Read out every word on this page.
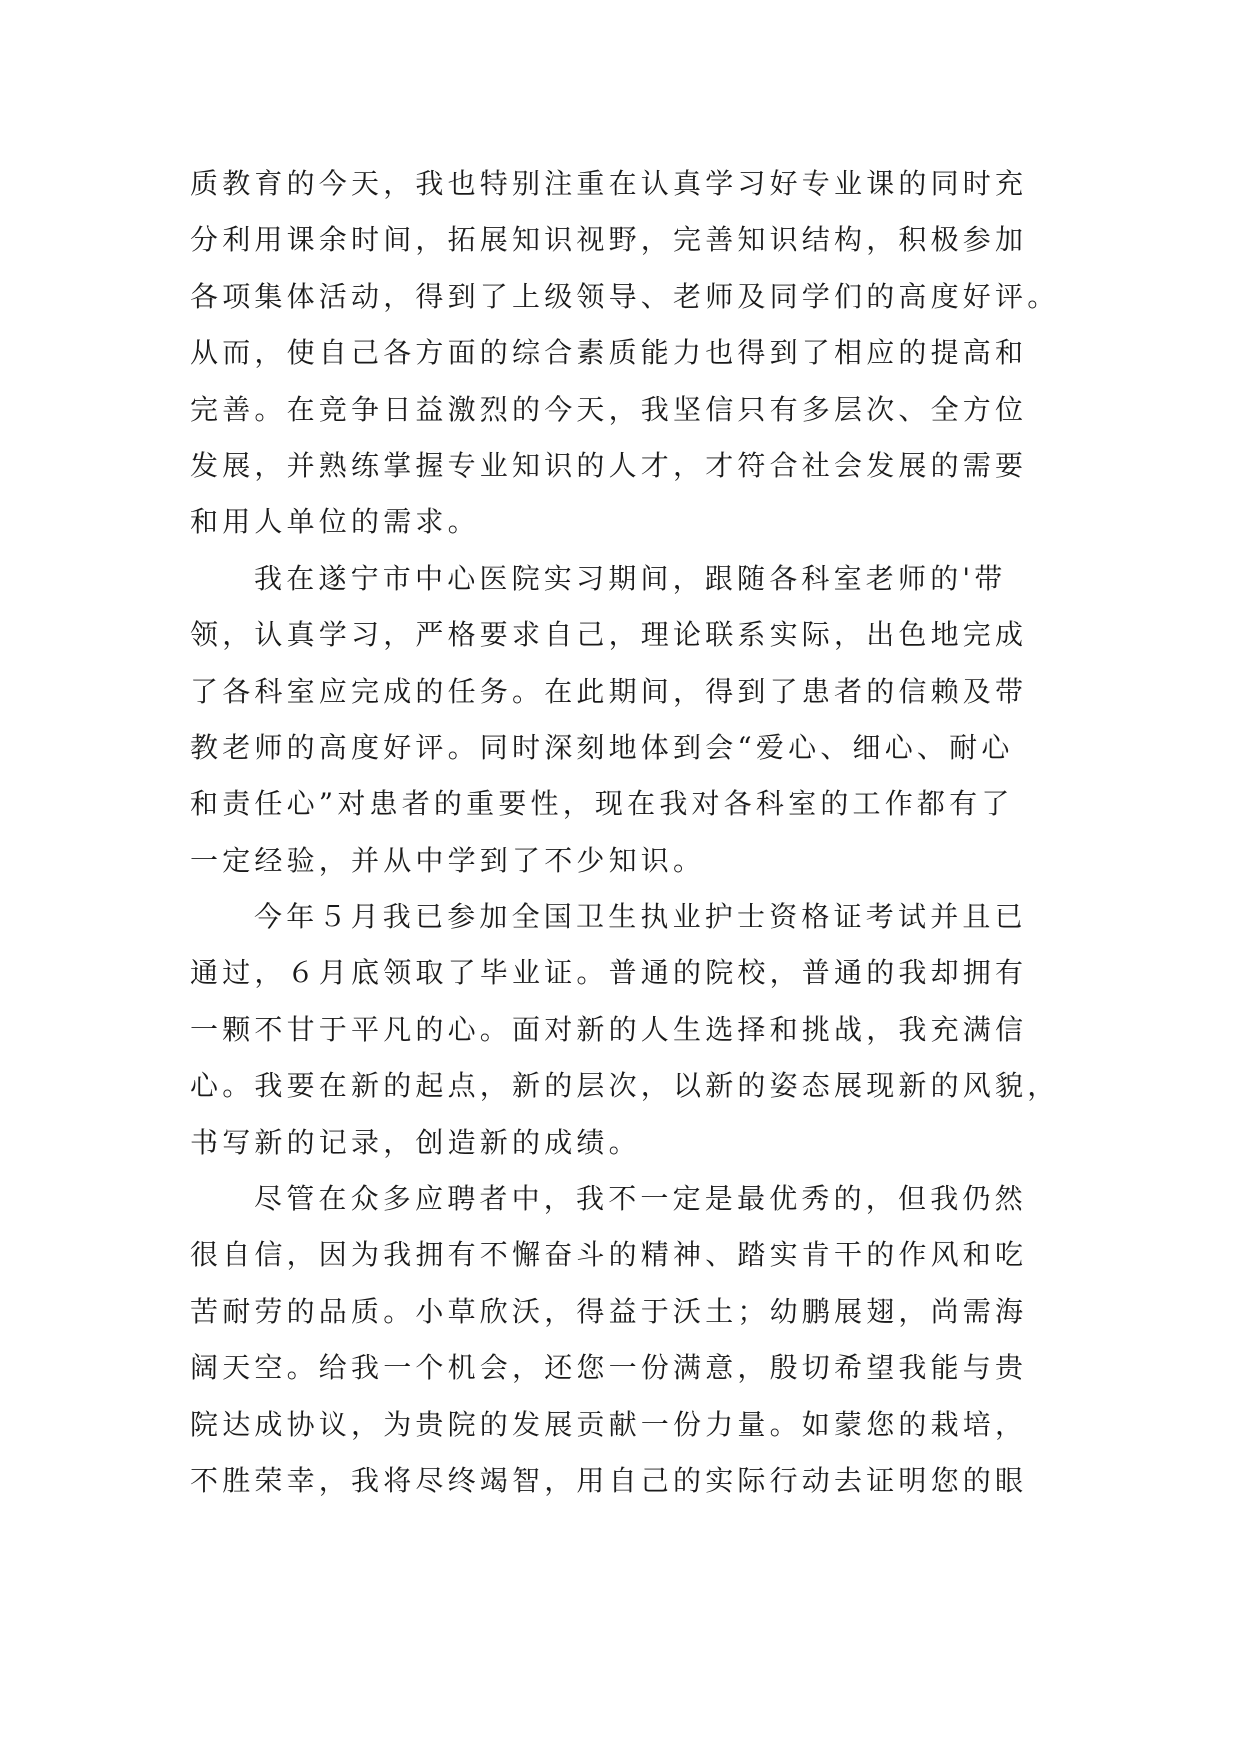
质教育的今天，我也特别注重在认真学习好专业课的同时充
分利用课余时间，拓展知识视野，完善知识结构，积极参加
各项集体活动，得到了上级领导、老师及同学们的高度好评。
从而，使自己各方面的综合素质能力也得到了相应的提高和
完善。在竞争日益激烈的今天，我坚信只有多层次、全方位
发展，并熟练掌握专业知识的人才，才符合社会发展的需要
和用人单位的需求。
我在遂宁市中心医院实习期间，跟随各科室老师的'带
领，认真学习，严格要求自己，理论联系实际，出色地完成
了各科室应完成的任务。在此期间，得到了患者的信赖及带
教老师的高度好评。同时深刻地体到会“爱心、细心、耐心
和责任心”对患者的重要性，现在我对各科室的工作都有了
一定经验，并从中学到了不少知识。
今年５月我已参加全国卫生执业护士资格证考试并且已
通过，６月底领取了毕业证。普通的院校，普通的我却拥有
一颗不甘于平凡的心。面对新的人生选择和挑战，我充满信
心。我要在新的起点，新的层次，以新的姿态展现新的风貌，
书写新的记录，创造新的成绩。
尽管在众多应聘者中，我不一定是最优秀的，但我仍然
很自信，因为我拥有不懈奋斗的精神、踏实肯干的作风和吃
苦耐劳的品质。小草欣沃，得益于沃土；幼鹏展翅，尚需海
阔天空。给我一个机会，还您一份满意，殷切希望我能与贵
院达成协议，为贵院的发展贡献一份力量。如蒙您的栽培，
不胜荣幸，我将尽终竭智，用自己的实际行动去证明您的眼
